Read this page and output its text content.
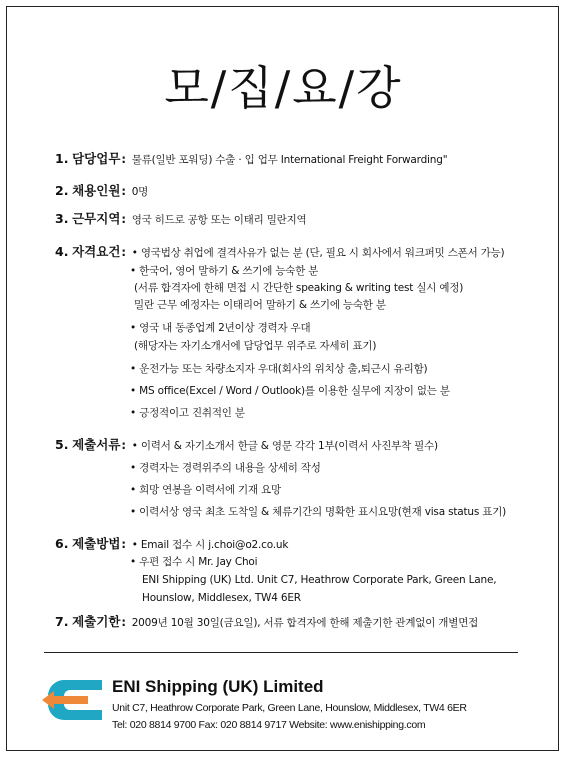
모/집/요/강
1. 담당업무: 물류(일반 포워딩) 수출 · 입 업무 International Freight Forwarding"
2. 채용인원: 0명
3. 근무지역: 영국 히드로 공항 또는 이태리 밀란지역
4. 자격요건: • 영국법상 취업에 결격사유가 없는 분 (단, 필요 시 회사에서 워크퍼밋 스폰서 가능)
• 한국어, 영어 말하기 & 쓰기에 능숙한 분
(서류 합격자에 한해 면접 시 간단한 speaking & writing test 실시 예정)
밀란 근무 예정자는 이태리어 말하기 & 쓰기에 능숙한 분
• 영국 내 동종업계 2년이상 경력자 우대
(해당자는 자기소개서에 담당업무 위주로 자세히 표기)
• 운전가능 또는 차량소지자 우대(회사의 위치상 출,퇴근시 유리함)
• MS office(Excel / Word / Outlook)를 이용한 실무에 지장이 없는 분
• 긍정적이고 진취적인 분
5. 제출서류: • 이력서 & 자기소개서 한글 & 영문 각각 1부(이력서 사진부착 필수)
• 경력자는 경력위주의 내용을 상세히 작성
• 희망 연봉을 이력서에 기재 요망
• 이력서상 영국 최초 도착일 & 체류기간의 명확한 표시요망(현재 visa status 표기)
6. 제출방법: • Email 접수 시 j.choi@o2.co.uk
• 우편 접수 시 Mr. Jay Choi
ENI Shipping (UK) Ltd. Unit C7, Heathrow Corporate Park, Green Lane,
Hounslow, Middlesex, TW4 6ER
7. 제출기한: 2009년 10월 30일(금요일), 서류 합격자에 한해 제출기한 관계없이 개별면접
ENI Shipping (UK) Limited
Unit C7, Heathrow Corporate Park, Green Lane, Hounslow, Middlesex, TW4 6ER
Tel: 020 8814 9700 Fax: 020 8814 9717 Website: www.enishipping.com
